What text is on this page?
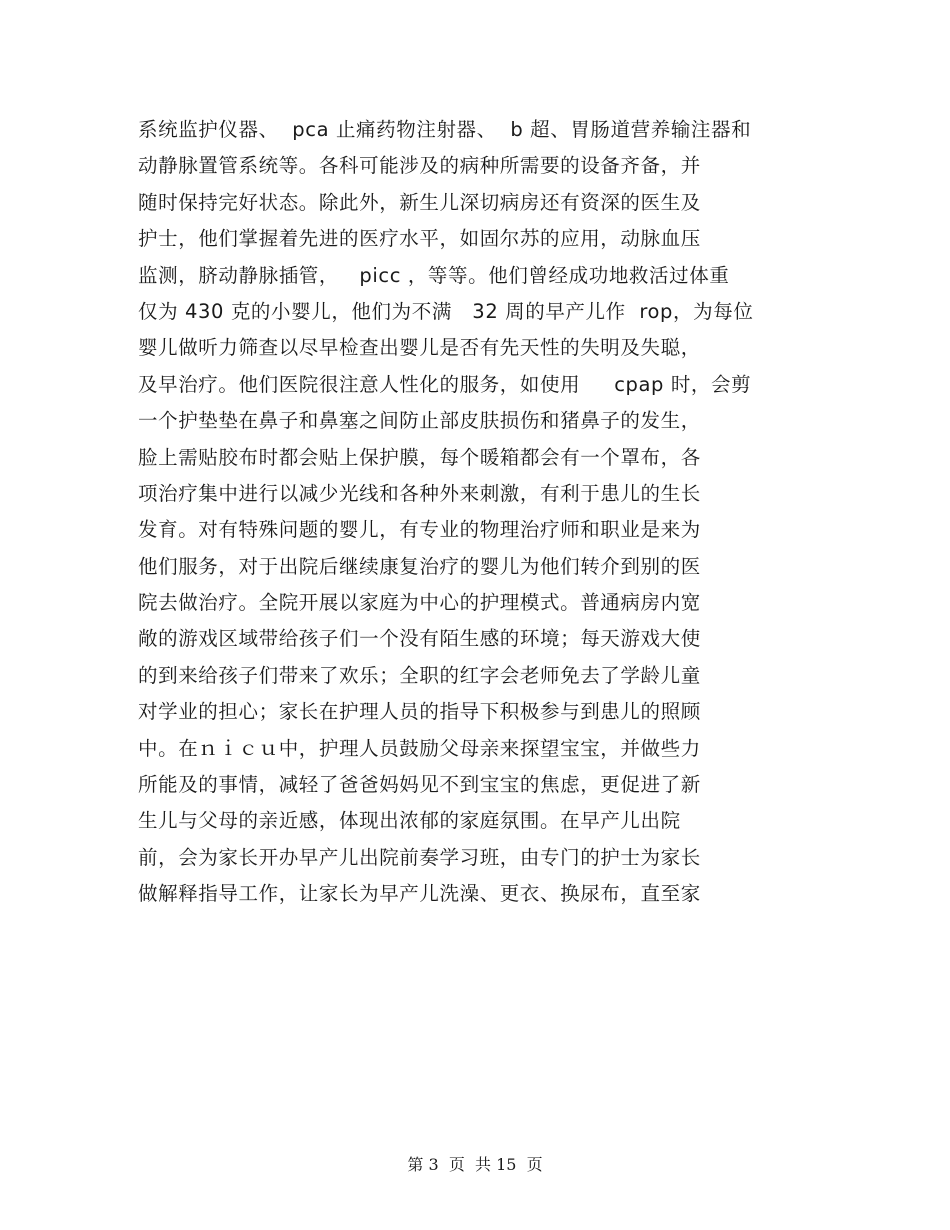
系统监护仪器、  pca 止痛药物注射器、  b 超、胃肠道营养输注器和
动静脉置管系统等。各科可能涉及的病种所需要的设备齐备，并
随时保持完好状态。除此外，新生儿深切病房还有资深的医生及
护士，他们掌握着先进的医疗水平，如固尔苏的应用，动脉血压
监测，脐动静脉插管，   picc ，等等。他们曾经成功地救活过体重
仅为 430 克的小婴儿，他们为不满   32 周的早产儿作  rop，为每位
婴儿做听力筛查以尽早检查出婴儿是否有先天性的失明及失聪，
及早治疗。他们医院很注意人性化的服务，如使用     cpap 时，会剪
一个护垫垫在鼻子和鼻塞之间防止部皮肤损伤和猪鼻子的发生，
脸上需贴胶布时都会贴上保护膜，每个暖箱都会有一个罩布，各
项治疗集中进行以减少光线和各种外来刺激，有利于患儿的生长
发育。对有特殊问题的婴儿，有专业的物理治疗师和职业是来为
他们服务，对于出院后继续康复治疗的婴儿为他们转介到别的医
院去做治疗。全院开展以家庭为中心的护理模式。普通病房内宽
敞的游戏区域带给孩子们一个没有陌生感的环境；每天游戏大使
的到来给孩子们带来了欢乐；全职的红字会老师免去了学龄儿童
对学业的担心；家长在护理人员的指导下积极参与到患儿的照顾
中。在ｎｉｃｕ中，护理人员鼓励父母亲来探望宝宝，并做些力
所能及的事情，减轻了爸爸妈妈见不到宝宝的焦虑，更促进了新
生儿与父母的亲近感，体现出浓郁的家庭氛围。在早产儿出院
前，会为家长开办早产儿出院前奏学习班，由专门的护士为家长
做解释指导工作，让家长为早产儿洗澡、更衣、换尿布，直至家
第 3  页  共 15  页
